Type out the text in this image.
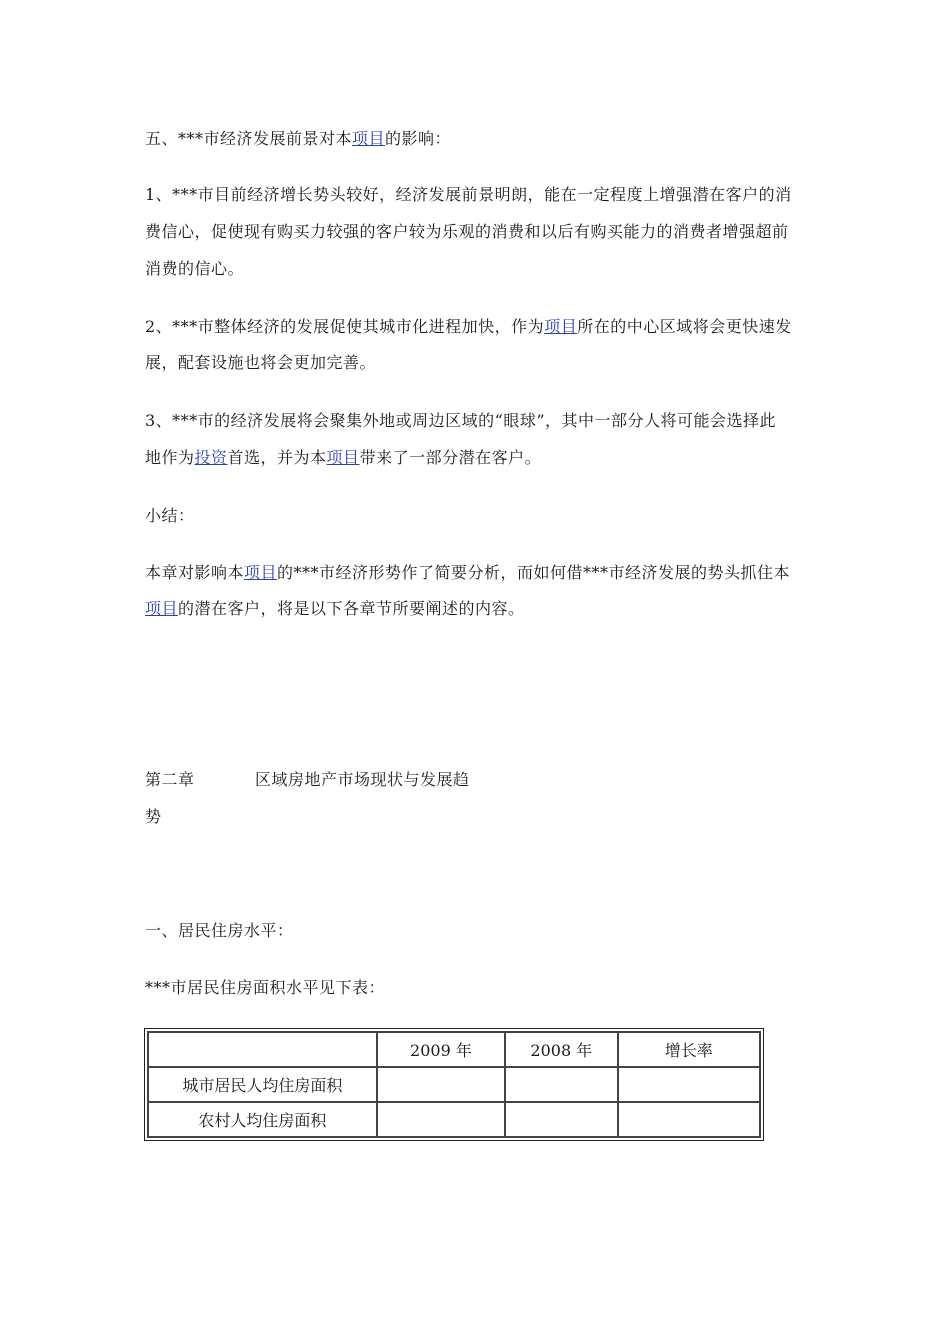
五、***市经济发展前景对本项目的影响：
1、***市目前经济增长势头较好，经济发展前景明朗，能在一定程度上增强潜在客户的消
费信心，促使现有购买力较强的客户较为乐观的消费和以后有购买能力的消费者增强超前
消费的信心。
2、***市整体经济的发展促使其城市化进程加快，作为项目所在的中心区域将会更快速发
展，配套设施也将会更加完善。
3、***市的经济发展将会聚集外地或周边区域的“眼球”，其中一部分人将可能会选择此
地作为投资首选，并为本项目带来了一部分潜在客户。
小结：
本章对影响本项目的***市经济形势作了简要分析，而如何借***市经济发展的势头抓住本
项目的潜在客户，将是以下各章节所要阐述的内容。
第二章	区域房地产市场现状与发展趋
势
一、居民住房水平：
***市居民住房面积水平见下表：
	2009 年	2008 年	增长率
城市居民人均住房面积			
农村人均住房面积			
